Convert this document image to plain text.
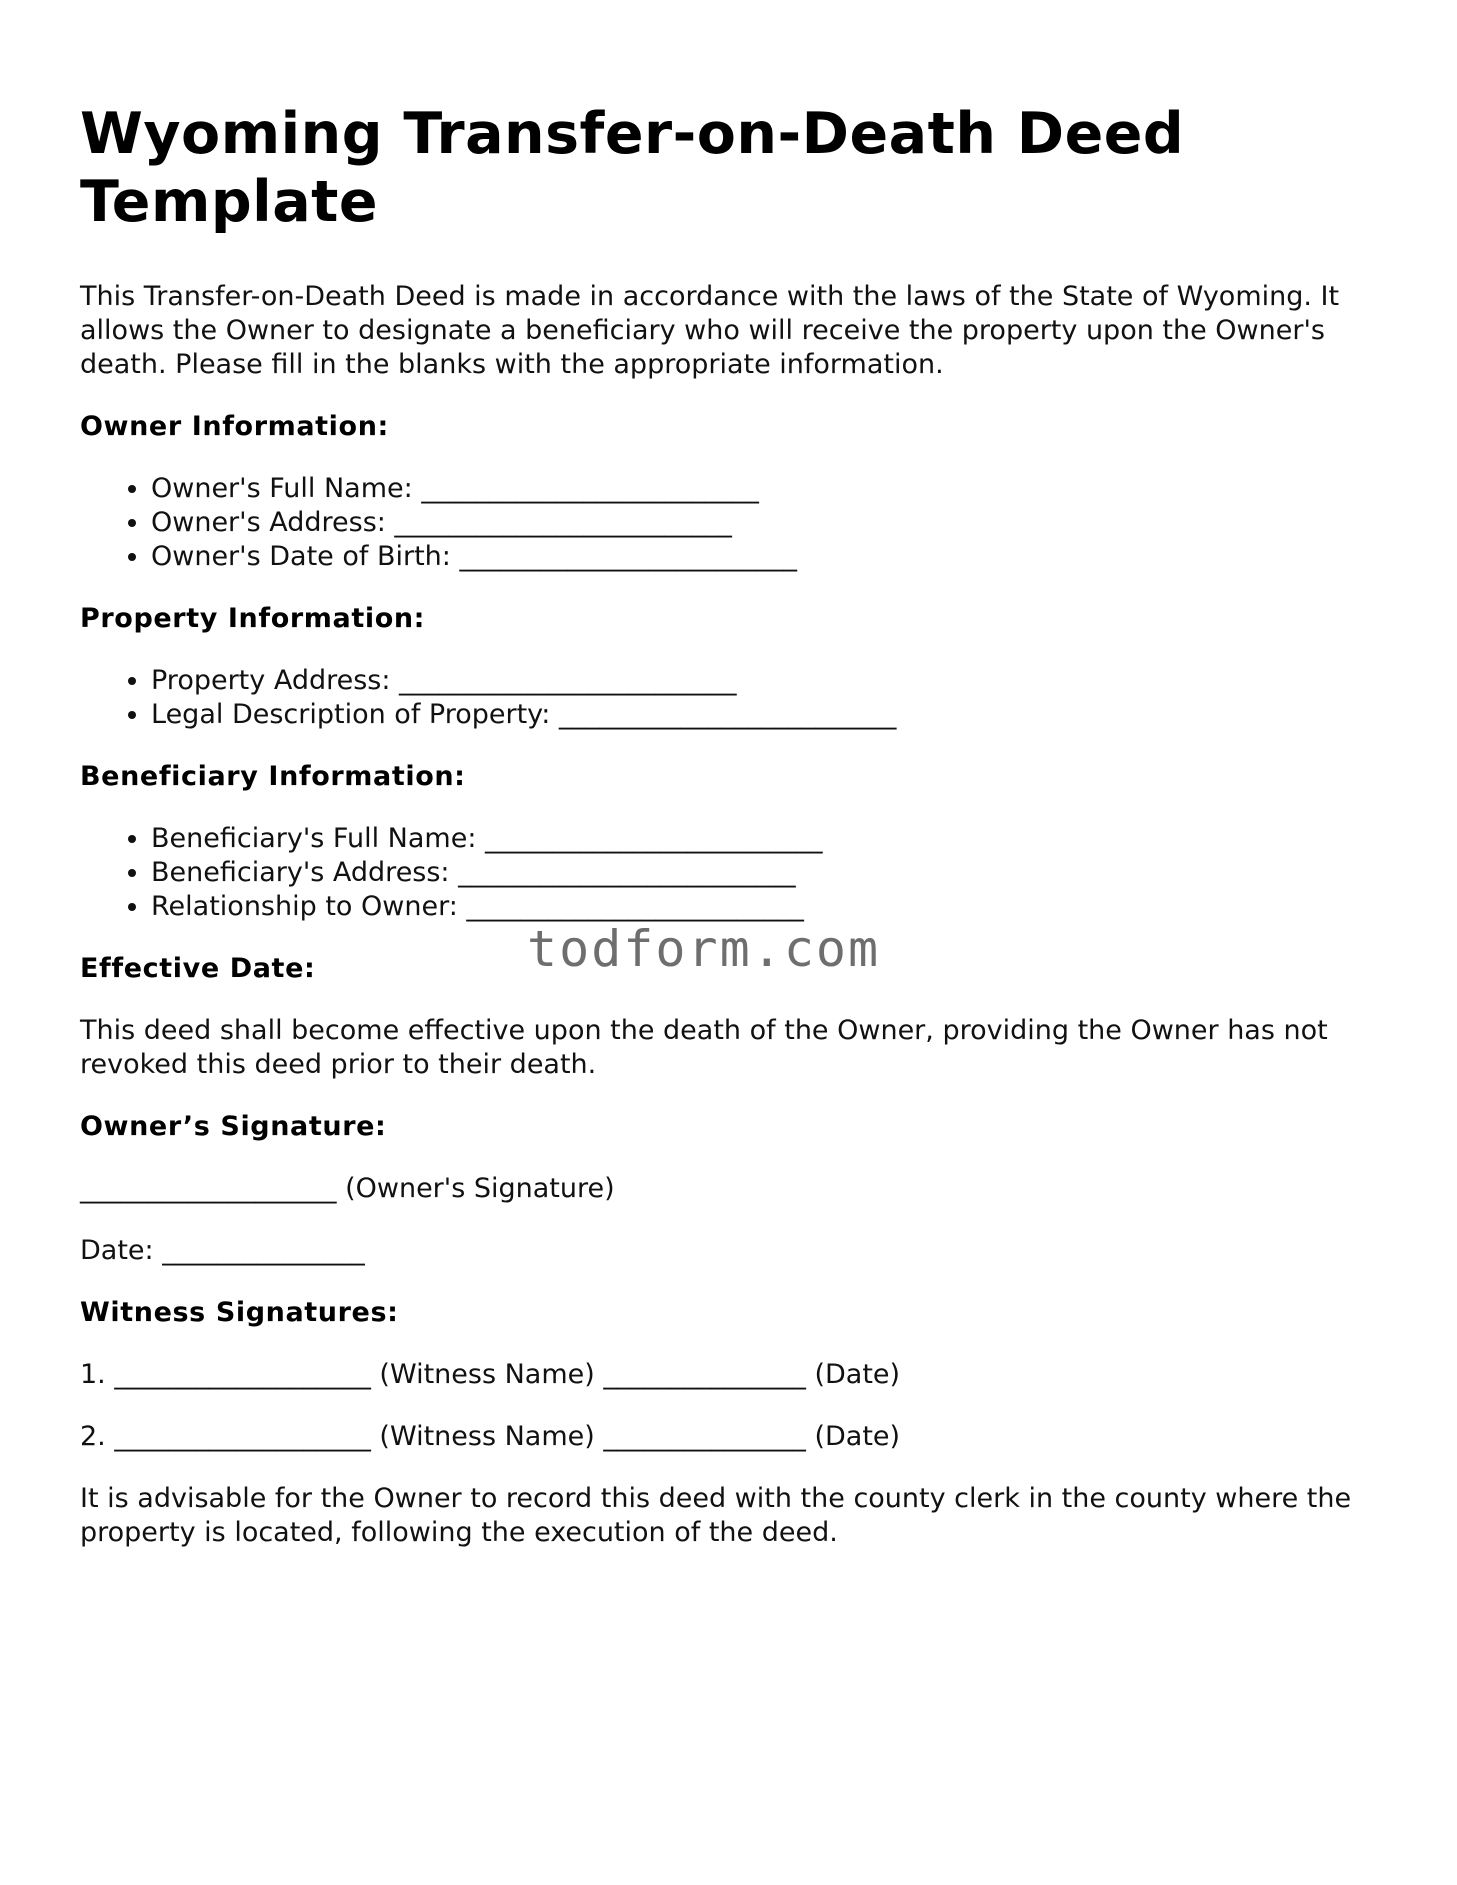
Wyoming Transfer-on-Death Deed Template

This Transfer-on-Death Deed is made in accordance with the laws of the State of Wyoming. It allows the Owner to designate a beneficiary who will receive the property upon the Owner's death. Please fill in the blanks with the appropriate information.

Owner Information:
• Owner's Full Name: _________________________
• Owner's Address: _________________________
• Owner's Date of Birth: _________________________
Property Information:
• Property Address: _________________________
• Legal Description of Property: _________________________
Beneficiary Information:
• Beneficiary's Full Name: _________________________
• Beneficiary's Address: _________________________
• Relationship to Owner: _________________________
Effective Date:

This deed shall become effective upon the death of the Owner, providing the Owner has not revoked this deed prior to their death.

Owner’s Signature:

___________________ (Owner's Signature)

Date: _______________

Witness Signatures:

1. ___________________ (Witness Name) _______________ (Date)

2. ___________________ (Witness Name) _______________ (Date)

It is advisable for the Owner to record this deed with the county clerk in the county where the property is located, following the execution of the deed.

todform.com
